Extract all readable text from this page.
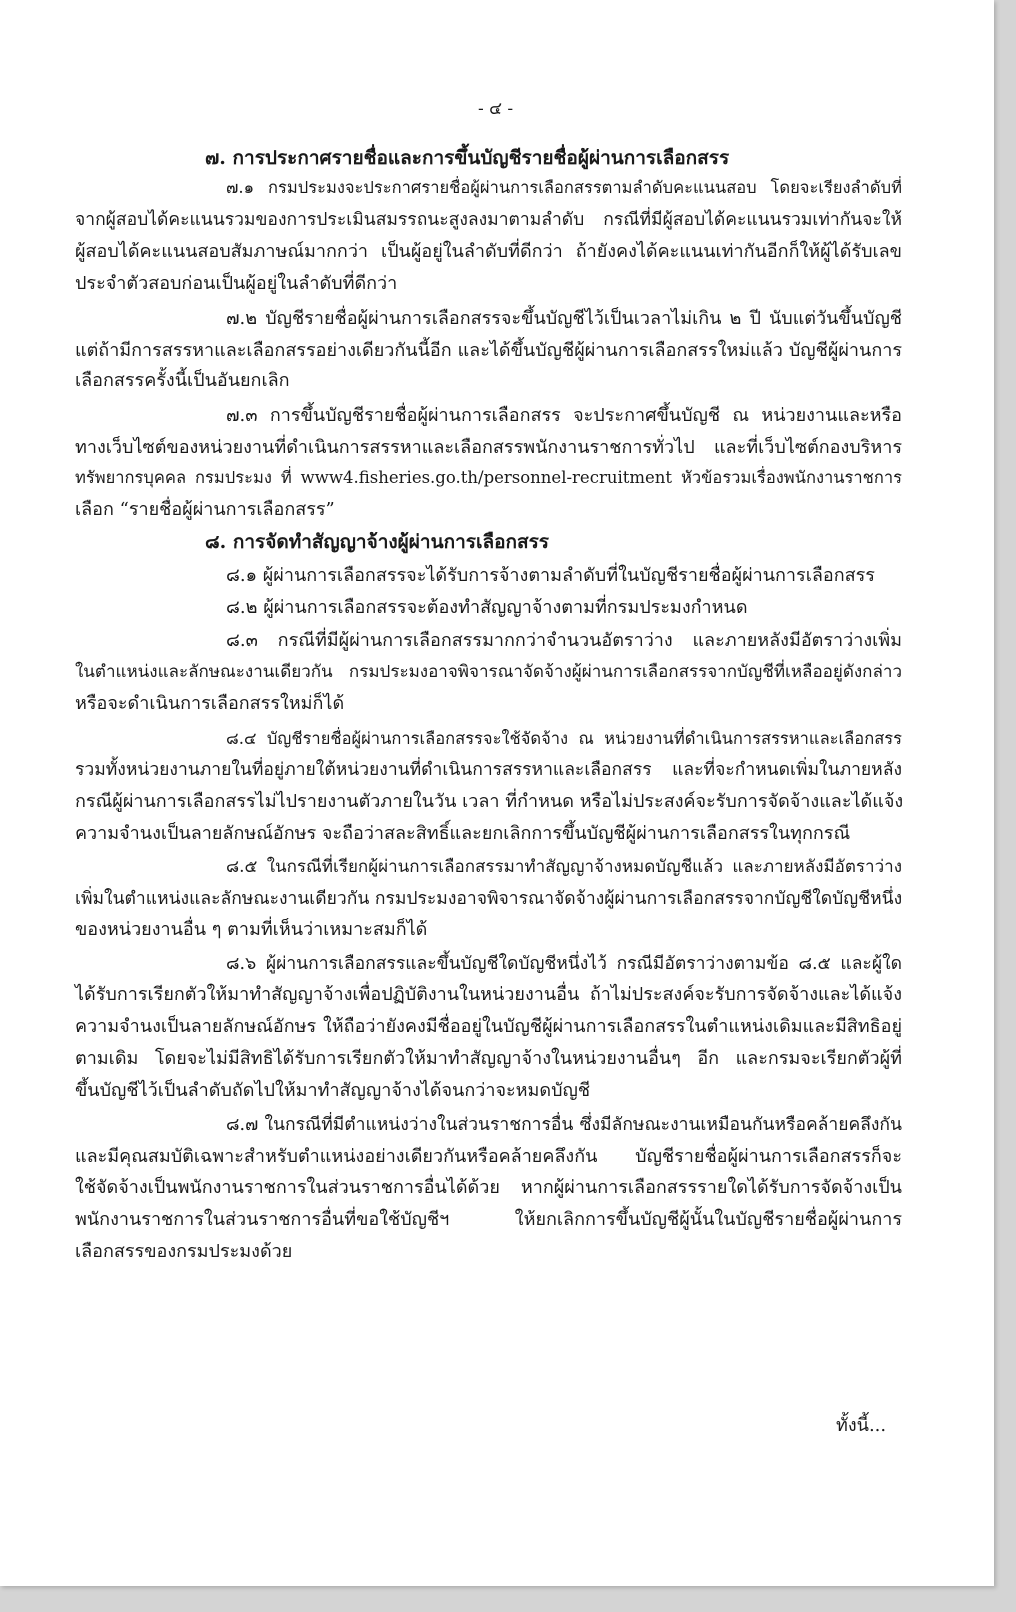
- ๔ -
๗. การประกาศรายชื่อและการขึ้นบัญชีรายชื่อผู้ผ่านการเลือกสรร
๗.๑ กรมประมงจะประกาศรายชื่อผู้ผ่านการเลือกสรรตามลำดับคะแนนสอบ โดยจะเรียงลำดับที่
จากผู้สอบได้คะแนนรวมของการประเมินสมรรถนะสูงลงมาตามลำดับ กรณีที่มีผู้สอบได้คะแนนรวมเท่ากันจะให้
ผู้สอบได้คะแนนสอบสัมภาษณ์มากกว่า เป็นผู้อยู่ในลำดับที่ดีกว่า ถ้ายังคงได้คะแนนเท่ากันอีกก็ให้ผู้ได้รับเลข
ประจำตัวสอบก่อนเป็นผู้อยู่ในลำดับที่ดีกว่า
๗.๒ บัญชีรายชื่อผู้ผ่านการเลือกสรรจะขึ้นบัญชีไว้เป็นเวลาไม่เกิน ๒ ปี นับแต่วันขึ้นบัญชี
แต่ถ้ามีการสรรหาและเลือกสรรอย่างเดียวกันนี้อีก และได้ขึ้นบัญชีผู้ผ่านการเลือกสรรใหม่แล้ว บัญชีผู้ผ่านการ
เลือกสรรครั้งนี้เป็นอันยกเลิก
๗.๓ การขึ้นบัญชีรายชื่อผู้ผ่านการเลือกสรร จะประกาศขึ้นบัญชี ณ หน่วยงานและหรือ
ทางเว็บไซต์ของหน่วยงานที่ดำเนินการสรรหาและเลือกสรรพนักงานราชการทั่วไป และที่เว็บไซต์กองบริหาร
ทรัพยากรบุคคล กรมประมง ที่ www4.fisheries.go.th/personnel-recruitment หัวข้อรวมเรื่องพนักงานราชการ
เลือก “รายชื่อผู้ผ่านการเลือกสรร”
๘. การจัดทำสัญญาจ้างผู้ผ่านการเลือกสรร
๘.๑ ผู้ผ่านการเลือกสรรจะได้รับการจ้างตามลำดับที่ในบัญชีรายชื่อผู้ผ่านการเลือกสรร
๘.๒ ผู้ผ่านการเลือกสรรจะต้องทำสัญญาจ้างตามที่กรมประมงกำหนด
๘.๓ กรณีที่มีผู้ผ่านการเลือกสรรมากกว่าจำนวนอัตราว่าง และภายหลังมีอัตราว่างเพิ่ม
ในตำแหน่งและลักษณะงานเดียวกัน กรมประมงอาจพิจารณาจัดจ้างผู้ผ่านการเลือกสรรจากบัญชีที่เหลืออยู่ดังกล่าว
หรือจะดำเนินการเลือกสรรใหม่ก็ได้
๘.๔ บัญชีรายชื่อผู้ผ่านการเลือกสรรจะใช้จัดจ้าง ณ หน่วยงานที่ดำเนินการสรรหาและเลือกสรร
รวมทั้งหน่วยงานภายในที่อยู่ภายใต้หน่วยงานที่ดำเนินการสรรหาและเลือกสรร และที่จะกำหนดเพิ่มในภายหลัง
กรณีผู้ผ่านการเลือกสรรไม่ไปรายงานตัวภายในวัน เวลา ที่กำหนด หรือไม่ประสงค์จะรับการจัดจ้างและได้แจ้ง
ความจำนงเป็นลายลักษณ์อักษร จะถือว่าสละสิทธิ์และยกเลิกการขึ้นบัญชีผู้ผ่านการเลือกสรรในทุกกรณี
๘.๕ ในกรณีที่เรียกผู้ผ่านการเลือกสรรมาทำสัญญาจ้างหมดบัญชีแล้ว และภายหลังมีอัตราว่าง
เพิ่มในตำแหน่งและลักษณะงานเดียวกัน กรมประมงอาจพิจารณาจัดจ้างผู้ผ่านการเลือกสรรจากบัญชีใดบัญชีหนึ่ง
ของหน่วยงานอื่น ๆ ตามที่เห็นว่าเหมาะสมก็ได้
๘.๖ ผู้ผ่านการเลือกสรรและขึ้นบัญชีใดบัญชีหนึ่งไว้ กรณีมีอัตราว่างตามข้อ ๘.๕ และผู้ใด
ได้รับการเรียกตัวให้มาทำสัญญาจ้างเพื่อปฏิบัติงานในหน่วยงานอื่น ถ้าไม่ประสงค์จะรับการจัดจ้างและได้แจ้ง
ความจำนงเป็นลายลักษณ์อักษร ให้ถือว่ายังคงมีชื่ออยู่ในบัญชีผู้ผ่านการเลือกสรรในตำแหน่งเดิมและมีสิทธิอยู่
ตามเดิม โดยจะไม่มีสิทธิได้รับการเรียกตัวให้มาทำสัญญาจ้างในหน่วยงานอื่นๆ อีก และกรมจะเรียกตัวผู้ที่
ขึ้นบัญชีไว้เป็นลำดับถัดไปให้มาทำสัญญาจ้างได้จนกว่าจะหมดบัญชี
๘.๗ ในกรณีที่มีตำแหน่งว่างในส่วนราชการอื่น ซึ่งมีลักษณะงานเหมือนกันหรือคล้ายคลึงกัน
และมีคุณสมบัติเฉพาะสำหรับตำแหน่งอย่างเดียวกันหรือคล้ายคลึงกัน บัญชีรายชื่อผู้ผ่านการเลือกสรรก็จะ
ใช้จัดจ้างเป็นพนักงานราชการในส่วนราชการอื่นได้ด้วย หากผู้ผ่านการเลือกสรรรายใดได้รับการจัดจ้างเป็น
พนักงานราชการในส่วนราชการอื่นที่ขอใช้บัญชีฯ ให้ยกเลิกการขึ้นบัญชีผู้นั้นในบัญชีรายชื่อผู้ผ่านการ
เลือกสรรของกรมประมงด้วย
ทั้งนี้...
